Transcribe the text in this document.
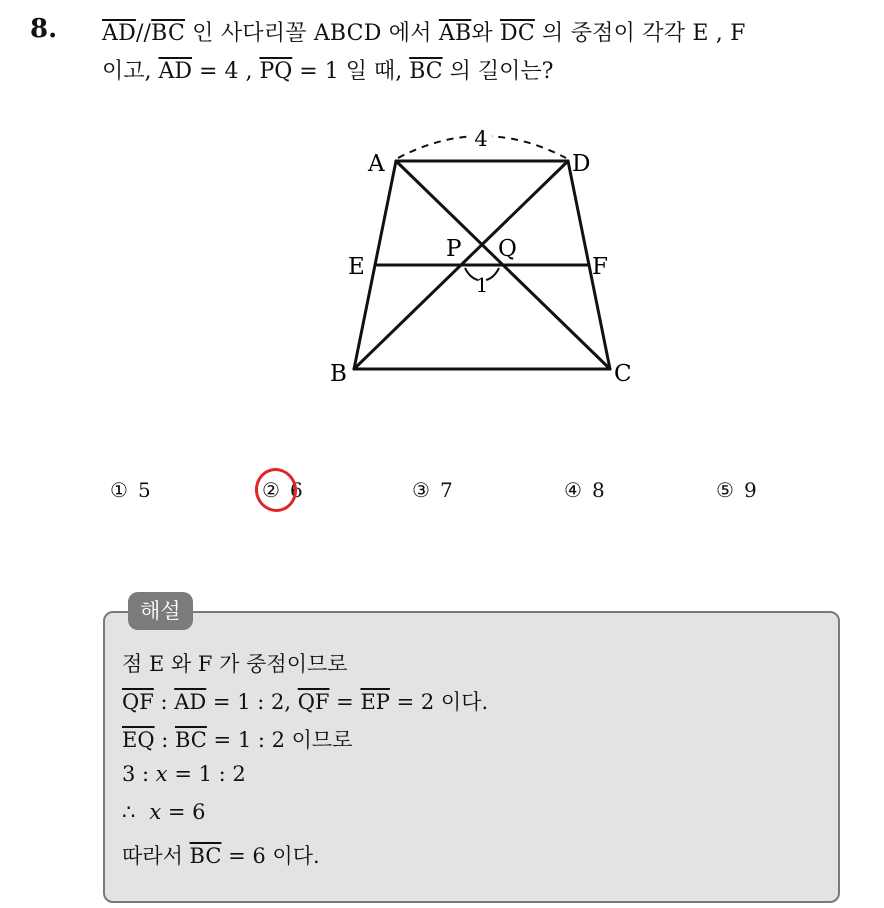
8. $\overline{AD}//\overline{BC}$ 인 사다리꼴 ABCD 에서 $\overline{AB}$와 $\overline{DC}$ 의 중점이 각각 E , F
이고, $\overline{AD} = 4$ , $\overline{PQ} = 1$ 일 때, $\overline{BC}$ 의 길이는?
4
1
A	D
B	C
E	F
P Q
① 5	② 6	③ 7	④ 8	⑤ 9
해설
점 E 와 F 가 중점이므로
$\overline{QF}$ : $\overline{AD} = 1$ : 2, $\overline{QF} = \overline{EP} = 2$ 이다.
$\overline{EQ}$ : $\overline{BC} = 1$ : 2 이므로
3 : x = 1 : 2
∴ x = 6
따라서 $\overline{BC} = 6$ 이다.
